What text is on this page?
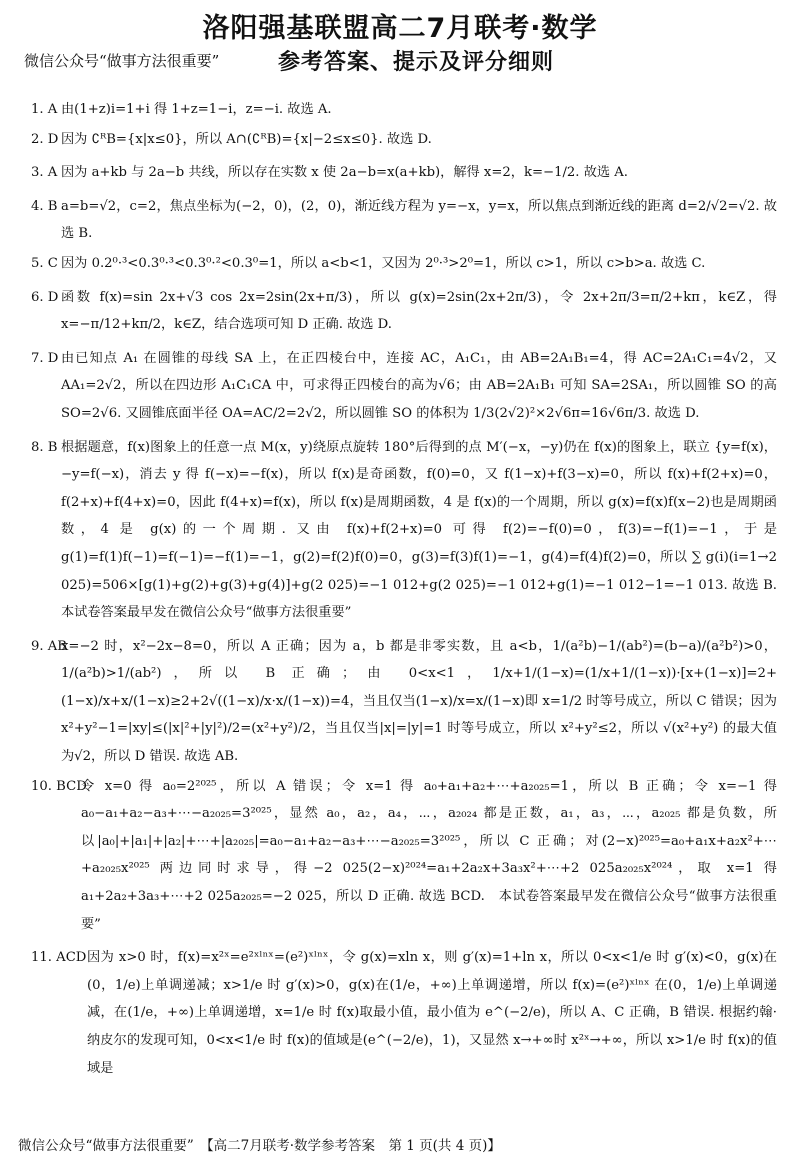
洛阳强基联盟高二7月联考·数学
微信公众号“做事方法很重要”	参考答案、提示及评分细则
1. A 由(1+z)i=1+i 得 1+z=1−i，z=−i. 故选 A.
2. D 因为 ∁ᴿB={x|x≤0}，所以 A∩(∁ᴿB)={x|−2≤x≤0}. 故选 D.
3. A 因为 a+kb 与 2a−b 共线，所以存在实数 x 使 2a−b=x(a+kb)，解得 x=2，k=−1/2. 故选 A.
4. B a=b=√2，c=2，焦点坐标为(−2，0)，(2，0)，渐近线方程为 y=−x，y=x，所以焦点到渐近线的距离 d=2/√2=√2. 故选 B.
5. C 因为 0.2⁰·³<0.3⁰·³<0.3⁰·²<0.3⁰=1，所以 a<b<1，又因为 2⁰·³>2⁰=1，所以 c>1，所以 c>b>a. 故选 C.
6. D 函数 f(x)=sin 2x+√3 cos 2x=2sin(2x+π/3)，所以 g(x)=2sin(2x+2π/3)，令 2x+2π/3=π/2+kπ，k∈Z，得 x=−π/12+kπ/2，k∈Z，结合选项可知 D 正确. 故选 D.
7. D 由已知点 A₁ 在圆锥的母线 SA 上，在正四棱台中，连接 AC，A₁C₁，由 AB=2A₁B₁=4，得 AC=2A₁C₁=4√2，又 AA₁=2√2，所以在四边形 A₁C₁CA 中，可求得正四棱台的高为√6；由 AB=2A₁B₁ 可知 SA=2SA₁，所以圆锥 SO 的高 SO=2√6. 又圆锥底面半径 OA=AC/2=2√2，所以圆锥 SO 的体积为 1/3(2√2)²×2√6π=16√6π/3. 故选 D.
8. B 根据题意，f(x)图象上的任意一点 M(x，y)绕原点旋转 180°后得到的点 M′(−x，−y)仍在 f(x)的图象上，联立 {y=f(x)，−y=f(−x)，消去 y 得 f(−x)=−f(x)，所以 f(x)是奇函数，f(0)=0，又 f(1−x)+f(3−x)=0，所以 f(x)+f(2+x)=0，f(2+x)+f(4+x)=0，因此 f(4+x)=f(x)，所以 f(x)是周期函数，4 是 f(x)的一个周期，所以 g(x)=f(x)f(x−2)也是周期函数，4 是 g(x)的一个周期. 又由 f(x)+f(2+x)=0 可得 f(2)=−f(0)=0，f(3)=−f(1)=−1，于是 g(1)=f(1)f(−1)=f(−1)=−f(1)=−1，g(2)=f(2)f(0)=0，g(3)=f(3)f(1)=−1，g(4)=f(4)f(2)=0，所以 ∑ g(i)(i=1→2 025)=506×[g(1)+g(2)+g(3)+g(4)]+g(2 025)=−1 012+g(2 025)=−1 012+g(1)=−1 012−1=−1 013. 故选 B.　本试卷答案最早发在微信公众号“做事方法很重要”
9. AB
x=−2 时，x²−2x−8=0，所以 A 正确；因为 a，b 都是非零实数，且 a<b，1/(a²b)−1/(ab²)=(b−a)/(a²b²)>0，1/(a²b)>1/(ab²)，所以 B 正确；由 0<x<1，1/x+1/(1−x)=(1/x+1/(1−x))·[x+(1−x)]=2+(1−x)/x+x/(1−x)≥2+2√((1−x)/x·x/(1−x))=4，当且仅当(1−x)/x=x/(1−x)即 x=1/2 时等号成立，所以 C 错误；因为 x²+y²−1=|xy|≤(|x|²+|y|²)/2=(x²+y²)/2，当且仅当|x|=|y|=1 时等号成立，所以 x²+y²≤2，所以 √(x²+y²) 的最大值为√2，所以 D 错误. 故选 AB.
10. BCD
令 x=0 得 a₀=2²⁰²⁵，所以 A 错误；令 x=1 得 a₀+a₁+a₂+⋯+a₂₀₂₅=1，所以 B 正确；令 x=−1 得 a₀−a₁+a₂−a₃+⋯−a₂₀₂₅=3²⁰²⁵，显然 a₀，a₂，a₄，⋯，a₂₀₂₄ 都是正数，a₁，a₃，⋯，a₂₀₂₅ 都是负数，所以|a₀|+|a₁|+|a₂|+⋯+|a₂₀₂₅|=a₀−a₁+a₂−a₃+⋯−a₂₀₂₅=3²⁰²⁵，所以 C 正确；对(2−x)²⁰²⁵=a₀+a₁x+a₂x²+⋯+a₂₀₂₅x²⁰²⁵ 两边同时求导，得−2 025(2−x)²⁰²⁴=a₁+2a₂x+3a₃x²+⋯+2 025a₂₀₂₅x²⁰²⁴，取 x=1 得 a₁+2a₂+3a₃+⋯+2 025a₂₀₂₅=−2 025，所以 D 正确. 故选 BCD.　本试卷答案最早发在微信公众号“做事方法很重要”
11. ACD 因为 x>0 时，f(x)=x²ˣ=e²ˣˡⁿˣ=(e²)ˣˡⁿˣ，令 g(x)=xln x，则 g′(x)=1+ln x，所以 0<x<1/e 时 g′(x)<0，g(x)在(0，1/e)上单调递减；x>1/e 时 g′(x)>0，g(x)在(1/e，+∞)上单调递增，所以 f(x)=(e²)ˣˡⁿˣ 在(0，1/e)上单调递减，在(1/e，+∞)上单调递增，x=1/e 时 f(x)取最小值，最小值为 e^(−2/e)，所以 A、C 正确，B 错误. 根据约翰·纳皮尔的发现可知，0<x<1/e 时 f(x)的值域是(e^(−2/e)，1)，又显然 x→+∞时 x²ˣ→+∞，所以 x>1/e 时 f(x)的值域是
微信公众号“做事方法很重要” 【高二7月联考·数学参考答案　第 1 页(共 4 页)】
